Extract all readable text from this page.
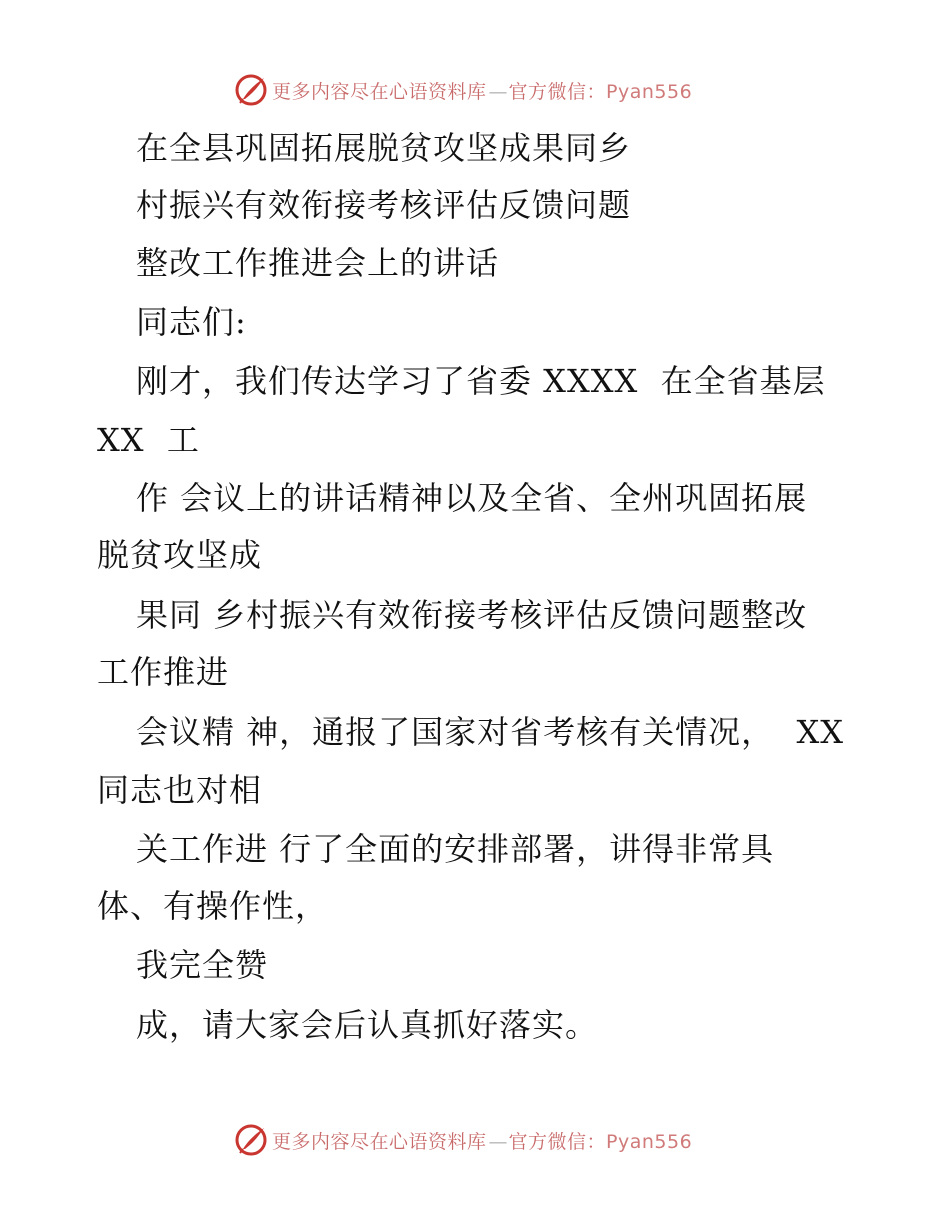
更多内容尽在心语资料库 — 官方微信：Pyan556
在全县巩固拓展脱贫攻坚成果同乡
村振兴有效衔接考核评估反馈问题
整改工作推进会上的讲话
同志们:
刚才，我们传达学习了省委 XXXX  在全省基层
XX  工
作 会议上的讲话精神以及全省、全州巩固拓展
脱贫攻坚成
果同 乡村振兴有效衔接考核评估反馈问题整改
工作推进
会议精 神，通报了国家对省考核有关情况，  XX
同志也对相
关工作进 行了全面的安排部署，讲得非常具
体、有操作性，
我完全赞
成，请大家会后认真抓好落实。
更多内容尽在心语资料库 — 官方微信：Pyan556
